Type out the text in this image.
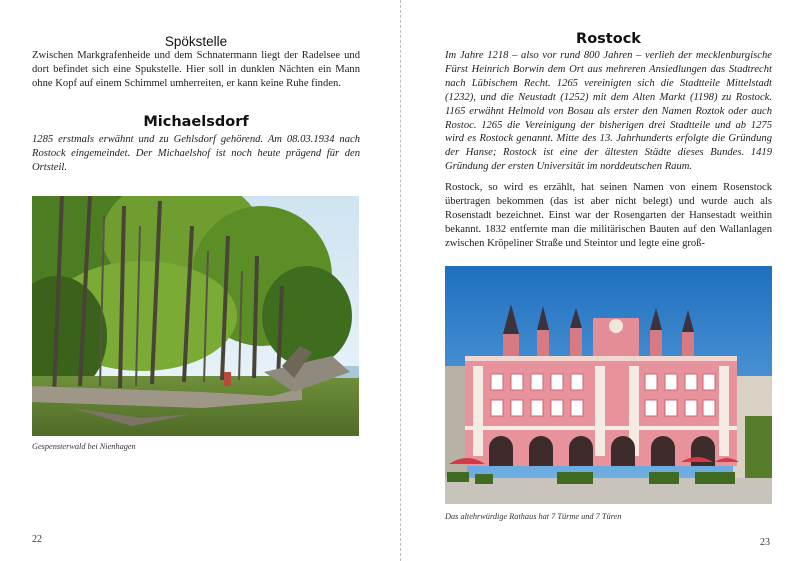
Spökstelle

Zwischen Markgrafenheide und dem Schnatermann liegt der Radelsee und dort befindet sich eine Spukstelle. Hier soll in dunklen Nächten ein Mann ohne Kopf auf einem Schimmel umherreiten, er kann keine Ruhe finden.

Michaelsdorf

1285 erstmals erwähnt und zu Gehlsdorf gehörend. Am 08.03.1934 nach Rostock eingemeindet. Der Michaelshof ist noch heute prägend für den Ortsteil.

Gespensterwald bei Nienhagen
22
Rostock

Im Jahre 1218 – also vor rund 800 Jahren – verlieh der mecklenburgische Fürst Heinrich Borwin dem Ort aus mehreren Ansiedlungen das Stadtrecht nach Lübischem Recht. 1265 vereinigten sich die Stadtteile Mittelstadt (1232), und die Neustadt (1252) mit dem Alten Markt (1198) zu Rostock. 1165 erwähnt Helmold von Bosau als erster den Namen Roztok oder auch Rostoc. 1265 die Vereinigung der bisherigen drei Stadtteile und ab 1275 wird es Rostock genannt. Mitte des 13. Jahrhunderts erfolgte die Gründung der Hanse; Rostock ist eine der ältesten Städte dieses Bundes. 1419 Gründung der ersten Universität im norddeutschen Raum.

Rostock, so wird es erzählt, hat seinen Namen von einem Rosenstock übertragen bekommen (das ist aber nicht belegt) und wurde auch als Rosenstadt bezeichnet. Einst war der Rosengarten der Hansestadt weithin bekannt. 1832 entfernte man die militärischen Bauten auf den Wallanlagen zwischen Kröpeliner Straße und Steintor und legte eine groß-

Das altehrwürdige Rathaus hat 7 Türme und 7 Türen
23
